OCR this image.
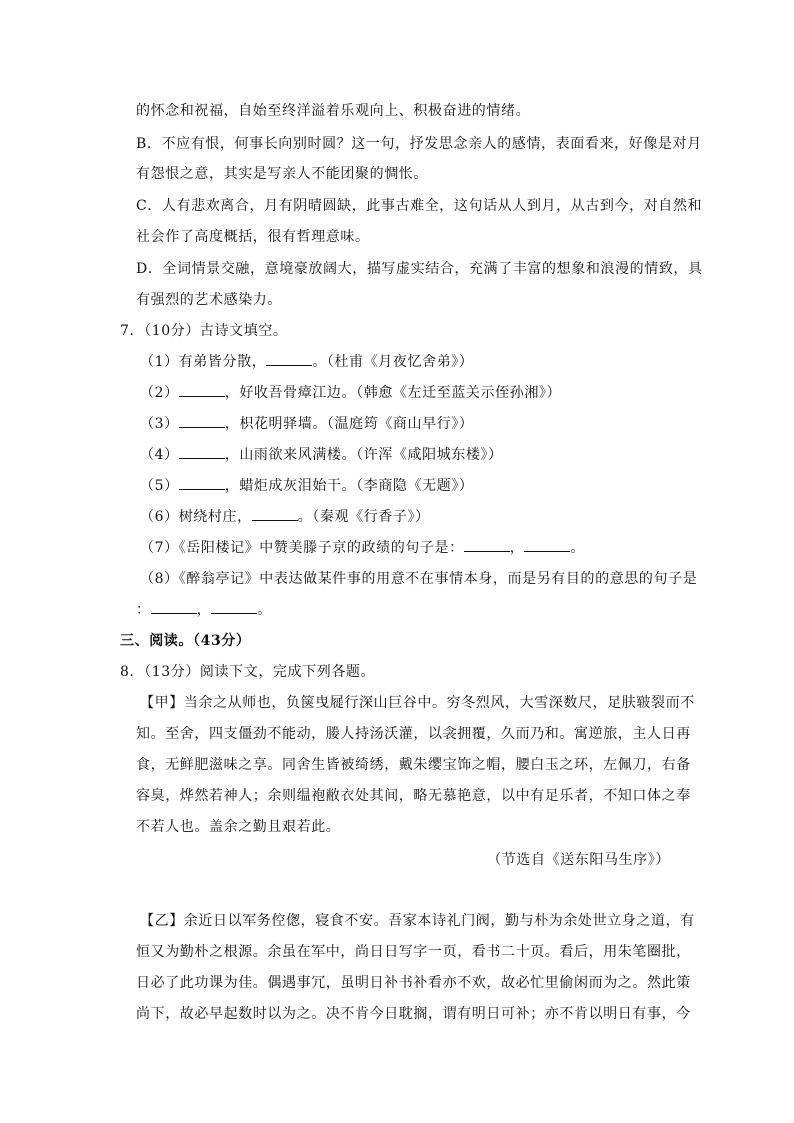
的怀念和祝福，自始至终洋溢着乐观向上、积极奋进的情绪。
B．不应有恨，何事长向别时圆？这一句，抒发思念亲人的感情，表面看来，好像是对月
有怨恨之意，其实是写亲人不能团聚的惆怅。
C．人有悲欢离合，月有阴晴圆缺，此事古难全，这句话从人到月，从古到今，对自然和
社会作了高度概括，很有哲理意味。
D．全词情景交融，意境豪放阔大，描写虚实结合，充满了丰富的想象和浪漫的情致，具
有强烈的艺术感染力。
7．（10分）古诗文填空。
（1）有弟皆分散，	。（杜甫《月夜忆舍弟》）
（2）	，好收吾骨瘴江边。（韩愈《左迁至蓝关示侄孙湘》）
（3）	，枳花明驿墙。（温庭筠《商山早行》）
（4）	，山雨欲来风满楼。（许浑《咸阳城东楼》）
（5）	，蜡炬成灰泪始干。（李商隐《无题》）
（6）树绕村庄，	。（秦观《行香子》）
（7）《岳阳楼记》中赞美滕子京的政绩的句子是：	，	。
（8）《醉翁亭记》中表达做某件事的用意不在事情本身，而是另有目的的意思的句子是
：	，	。
三、阅读。（43分）
8．（13分）阅读下文，完成下列各题。
【甲】当余之从师也，负箧曳屣行深山巨谷中。穷冬烈风，大雪深数尺，足肤皲裂而不
知。至舍，四支僵劲不能动，媵人持汤沃灌，以衾拥覆，久而乃和。寓逆旅，主人日再
食，无鲜肥滋味之享。同舍生皆被绮绣，戴朱缨宝饰之帽，腰白玉之环，左佩刀，右备
容臭，烨然若神人；余则缊袍敝衣处其间，略无慕艳意，以中有足乐者，不知口体之奉
不若人也。盖余之勤且艰若此。
（节选自《送东阳马生序》）
【乙】余近日以军务倥偬，寝食不安。吾家本诗礼门阀，勤与朴为余处世立身之道，有
恒又为勤朴之根源。余虽在军中，尚日日写字一页，看书二十页。看后，用朱笔圈批，
日必了此功课为佳。偶遇事冗，虽明日补书补看亦不欢，故必忙里偷闲而为之。然此策
尚下，故必早起数时以为之。决不肯今日耽搁，谓有明日可补；亦不肯以明日有事，今
